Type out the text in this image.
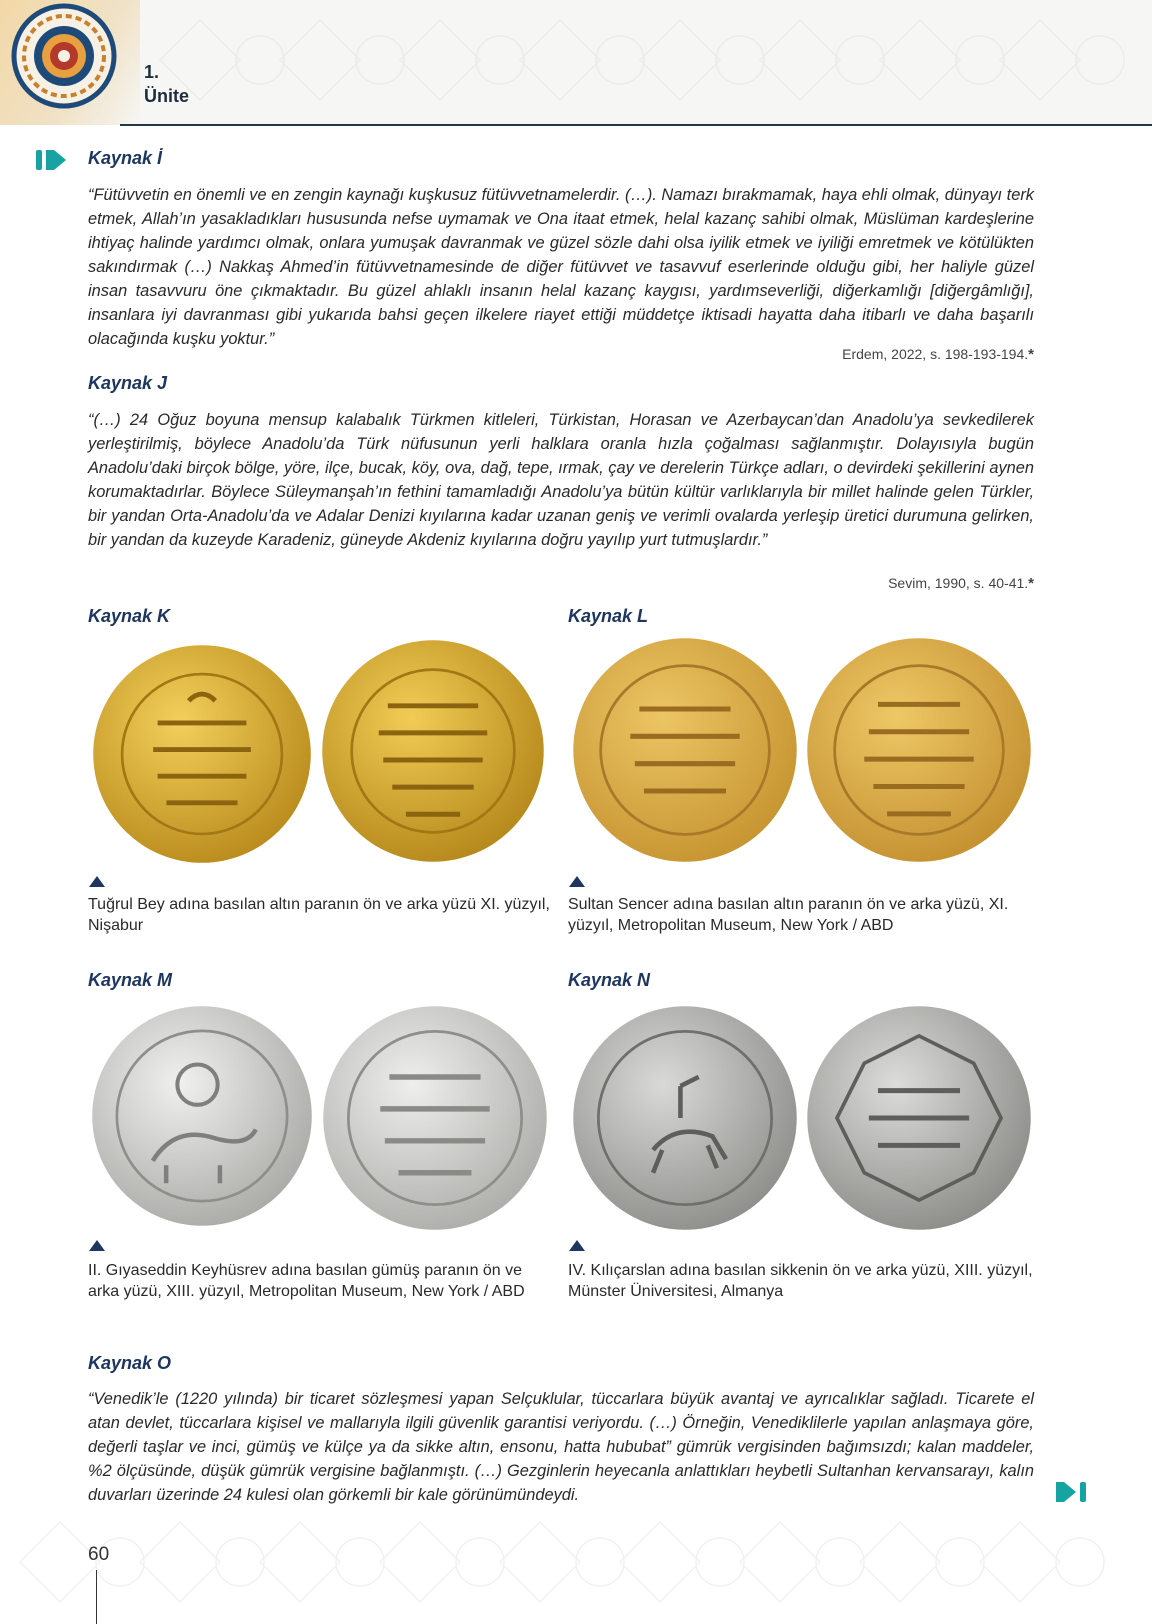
1.
Ünite
Kaynak İ
“Fütüvvetin en önemli ve en zengin kaynağı kuşkusuz fütüvvetnamelerdir. (…). Namazı bırakmamak, haya ehli olmak, dünyayı terk etmek, Allah’ın yasakladıkları hususunda nefse uymamak ve Ona itaat etmek, helal kazanç sahibi olmak, Müslüman kardeşlerine ihtiyaç halinde yardımcı olmak, onlara yumuşak davranmak ve güzel sözle dahi olsa iyilik etmek ve iyiliği emretmek ve kötülükten sakındırmak (…) Nakkaş Ahmed’in fütüvvetnamesinde de diğer fütüvvet ve tasavvuf eserlerinde olduğu gibi, her haliyle güzel insan tasavvuru öne çıkmaktadır. Bu güzel ahlaklı insanın helal kazanç kaygısı, yardımseverliği, diğerkamlığı [diğergâmlığı], insanlara iyi davranması gibi yukarıda bahsi geçen ilkelere riayet ettiği müddetçe iktisadi hayatta daha itibarlı ve daha başarılı olacağında kuşku yoktur.”
Erdem, 2022, s. 198-193-194.*
Kaynak J
“(…) 24 Oğuz boyuna mensup kalabalık Türkmen kitleleri, Türkistan, Horasan ve Azerbaycan’dan Anadolu’ya sevkedilerek yerleştirilmiş, böylece Anadolu’da Türk nüfusunun yerli halklara oranla hızla çoğalması sağlanmıştır. Dolayısıyla bugün Anadolu’daki birçok bölge, yöre, ilçe, bucak, köy, ova, dağ, tepe, ırmak, çay ve derelerin Türkçe adları, o devirdeki şekillerini aynen korumaktadırlar. Böylece Süleymanşah’ın fethini tamamladığı Anadolu’ya bütün kültür varlıklarıyla bir millet halinde gelen Türkler, bir yandan Orta-Anadolu’da ve Adalar Denizi kıyılarına kadar uzanan geniş ve verimli ovalarda yerleşip üretici durumuna gelirken, bir yandan da kuzeyde Karadeniz, güneyde Akdeniz kıyılarına doğru yayılıp yurt tutmuşlardır.”
Sevim, 1990, s. 40-41.*
Kaynak K
Tuğrul Bey adına basılan altın paranın ön ve arka yüzü XI. yüzyıl, Nişabur
Kaynak L
Sultan Sencer adına basılan altın paranın ön ve arka yüzü, XI. yüzyıl, Metropolitan Museum, New York / ABD
Kaynak M
II. Gıyaseddin Keyhüsrev adına basılan gümüş paranın ön ve arka yüzü, XIII. yüzyıl, Metropolitan Museum, New York / ABD
Kaynak N
IV. Kılıçarslan adına basılan sikkenin ön ve arka yüzü, XIII. yüzyıl, Münster Üniversitesi, Almanya
Kaynak O
“Venedik’le (1220 yılında) bir ticaret sözleşmesi yapan Selçuklular, tüccarlara büyük avantaj ve ayrıcalıklar sağladı. Ticarete el atan devlet, tüccarlara kişisel ve mallarıyla ilgili güvenlik garantisi veriyordu. (…) Örneğin, Venediklilerle yapılan anlaşmaya göre, değerli taşlar ve inci, gümüş ve külçe ya da sikke altın, ensonu, hatta hububat” gümrük vergisinden bağımsızdı; kalan maddeler, %2 ölçüsünde, düşük gümrük vergisine bağlanmıştı. (…) Gezginlerin heyecanla anlattıkları heybetli Sultanhan kervansarayı, kalın duvarları üzerinde 24 kulesi olan görkemli bir kale görünümündeydi.
60
